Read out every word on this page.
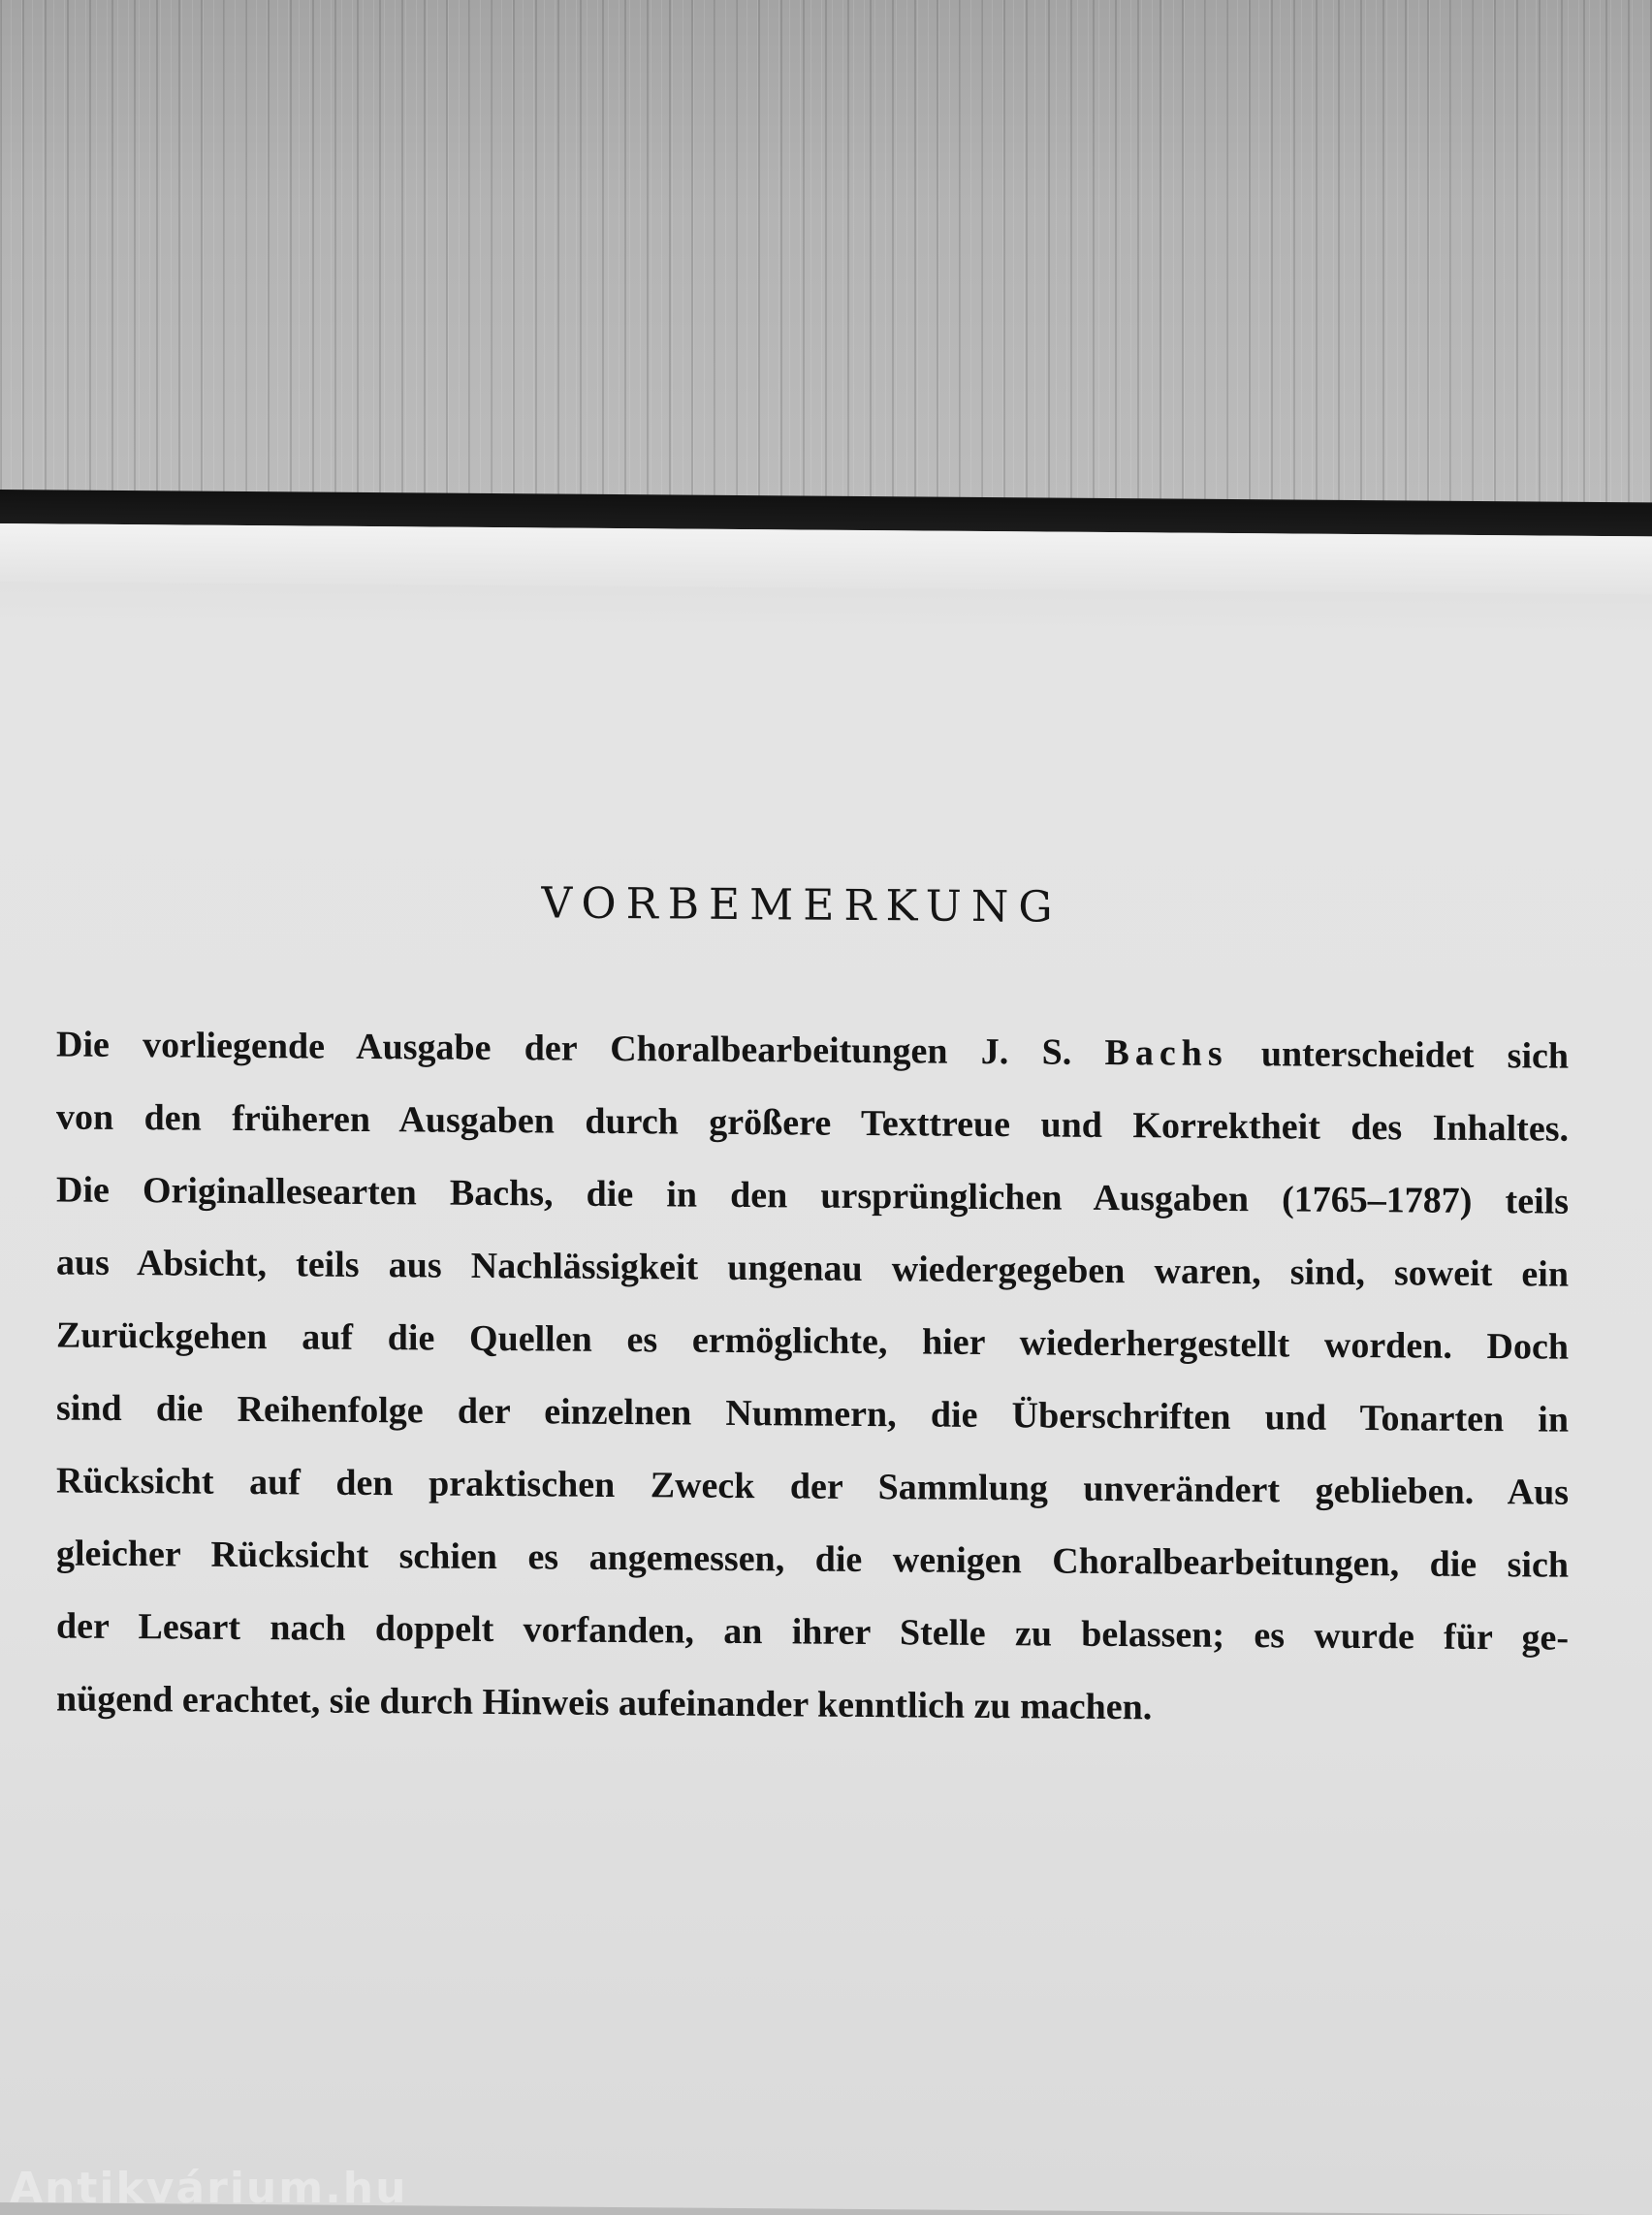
VORBEMERKUNG
Die vorliegende Ausgabe der Choralbearbeitungen J. S. Bachs unterscheidet sich
von den früheren Ausgaben durch größere Texttreue und Korrektheit des Inhaltes.
Die Originallesearten Bachs, die in den ursprünglichen Ausgaben (1765–1787) teils
aus Absicht, teils aus Nachlässigkeit ungenau wiedergegeben waren, sind, soweit ein
Zurückgehen auf die Quellen es ermöglichte, hier wiederhergestellt worden. Doch
sind die Reihenfolge der einzelnen Nummern, die Überschriften und Tonarten in
Rücksicht auf den praktischen Zweck der Sammlung unverändert geblieben. Aus
gleicher Rücksicht schien es angemessen, die wenigen Choralbearbeitungen, die sich
der Lesart nach doppelt vorfanden, an ihrer Stelle zu belassen; es wurde für ge-
nügend erachtet, sie durch Hinweis aufeinander kenntlich zu machen.
Antikvárium.hu
